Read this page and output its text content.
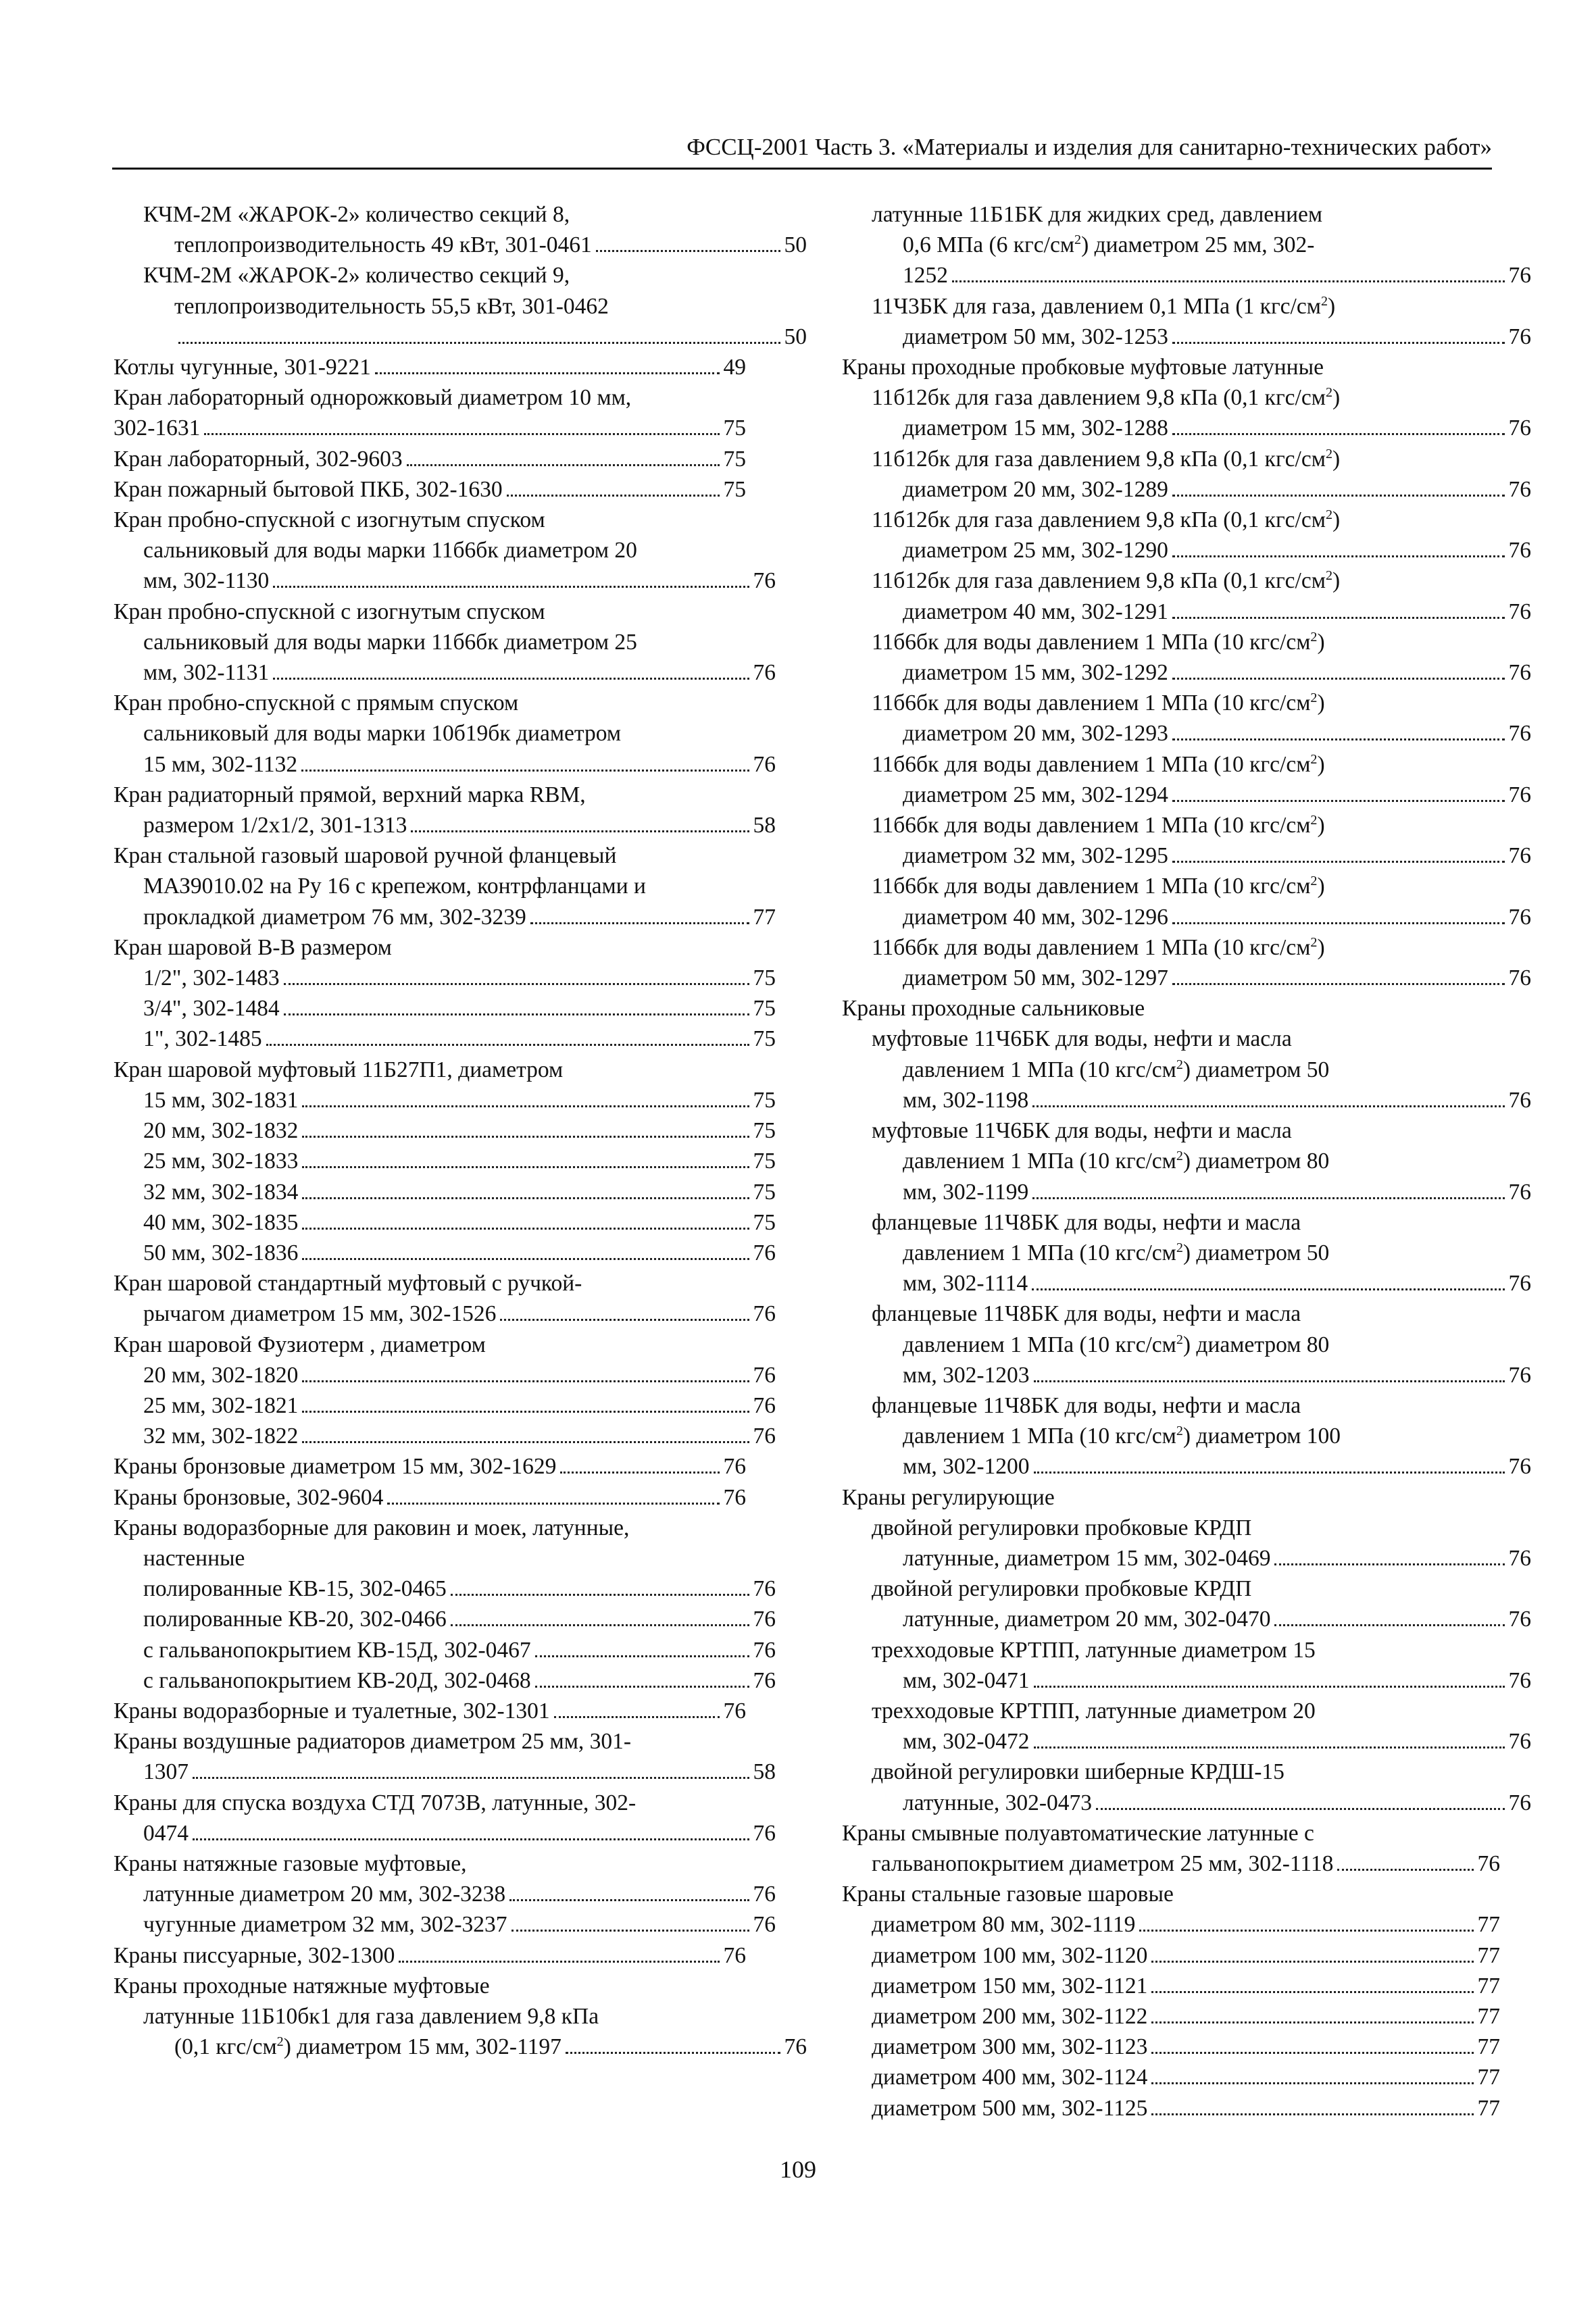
ФССЦ-2001 Часть 3. «Материалы и изделия для санитарно-технических работ»
КЧМ-2М «ЖАРОК-2» количество секций 8,
теплопроизводительность 49 кВт, 301-0461	50
КЧМ-2М «ЖАРОК-2» количество секций 9,
теплопроизводительность 55,5 кВт, 301-0462
50
Котлы чугунные, 301-9221	49
Кран лабораторный однорожковый диаметром 10 мм,
302-1631	75
Кран лабораторный, 302-9603	75
Кран пожарный бытовой ПКБ, 302-1630	75
Кран пробно-спускной с изогнутым спуском
сальниковый для воды марки 11б6бк диаметром 20
мм, 302-1130	76
Кран пробно-спускной с изогнутым спуском
сальниковый для воды марки 11б6бк диаметром 25
мм, 302-1131	76
Кран пробно-спускной с прямым спуском
сальниковый для воды марки 10б19бк диаметром
15 мм, 302-1132	76
Кран радиаторный прямой, верхний марка RBM,
размером 1/2х1/2, 301-1313	58
Кран стальной газовый шаровой ручной фланцевый
МАЗ9010.02 на Ру 16 с крепежом, контрфланцами и
прокладкой диаметром 76 мм, 302-3239	77
Кран шаровой В-В размером
1/2", 302-1483	75
3/4", 302-1484	75
1", 302-1485	75
Кран шаровой муфтовый 11Б27П1, диаметром
15 мм, 302-1831	75
20 мм, 302-1832	75
25 мм, 302-1833	75
32 мм, 302-1834	75
40 мм, 302-1835	75
50 мм, 302-1836	76
Кран шаровой стандартный муфтовый с ручкой-
рычагом диаметром 15 мм, 302-1526	76
Кран шаровой Фузиотерм , диаметром
20 мм, 302-1820	76
25 мм, 302-1821	76
32 мм, 302-1822	76
Краны бронзовые диаметром 15 мм, 302-1629	76
Краны бронзовые, 302-9604	76
Краны водоразборные для раковин и моек, латунные,
настенные
полированные КВ-15, 302-0465	76
полированные КВ-20, 302-0466	76
с гальванопокрытием КВ-15Д, 302-0467	76
с гальванопокрытием КВ-20Д, 302-0468	76
Краны водоразборные и туалетные, 302-1301	76
Краны воздушные радиаторов диаметром 25 мм, 301-
1307	58
Краны для спуска воздуха СТД 7073В, латунные, 302-
0474	76
Краны натяжные газовые муфтовые,
латунные диаметром 20 мм, 302-3238	76
чугунные диаметром 32 мм, 302-3237	76
Краны писсуарные, 302-1300	76
Краны проходные натяжные муфтовые
латунные 11Б10бк1 для газа давлением 9,8 кПа
(0,1 кгс/$см^2$) диаметром 15 мм, 302-1197	76
латунные 11Б1БК для жидких сред, давлением
0,6 МПа (6 кгс/$см^2$) диаметром 25 мм, 302-
1252	76
11Ч3БК для газа, давлением 0,1 МПа (1 кгс/$см^2$)
диаметром 50 мм, 302-1253	76
Краны проходные пробковые муфтовые латунные
11б12бк для газа давлением 9,8 кПа (0,1 кгс/$см^2$)
диаметром 15 мм, 302-1288	76
11б12бк для газа давлением 9,8 кПа (0,1 кгс/$см^2$)
диаметром 20 мм, 302-1289	76
11б12бк для газа давлением 9,8 кПа (0,1 кгс/$см^2$)
диаметром 25 мм, 302-1290	76
11б12бк для газа давлением 9,8 кПа (0,1 кгс/$см^2$)
диаметром 40 мм, 302-1291	76
11б6бк для воды давлением 1 МПа (10 кгс/$см^2$)
диаметром 15 мм, 302-1292	76
11б6бк для воды давлением 1 МПа (10 кгс/$см^2$)
диаметром 20 мм, 302-1293	76
11б6бк для воды давлением 1 МПа (10 кгс/$см^2$)
диаметром 25 мм, 302-1294	76
11б6бк для воды давлением 1 МПа (10 кгс/$см^2$)
диаметром 32 мм, 302-1295	76
11б6бк для воды давлением 1 МПа (10 кгс/$см^2$)
диаметром 40 мм, 302-1296	76
11б6бк для воды давлением 1 МПа (10 кгс/$см^2$)
диаметром 50 мм, 302-1297	76
Краны проходные сальниковые
муфтовые 11Ч6БК для воды, нефти и масла
давлением 1 МПа (10 кгс/$см^2$) диаметром 50
мм, 302-1198	76
муфтовые 11Ч6БК для воды, нефти и масла
давлением 1 МПа (10 кгс/$см^2$) диаметром 80
мм, 302-1199	76
фланцевые 11Ч8БК для воды, нефти и масла
давлением 1 МПа (10 кгс/$см^2$) диаметром 50
мм, 302-1114	76
фланцевые 11Ч8БК для воды, нефти и масла
давлением 1 МПа (10 кгс/$см^2$) диаметром 80
мм, 302-1203	76
фланцевые 11Ч8БК для воды, нефти и масла
давлением 1 МПа (10 кгс/$см^2$) диаметром 100
мм, 302-1200	76
Краны регулирующие
двойной регулировки пробковые КРДП
латунные, диаметром 15 мм, 302-0469	76
двойной регулировки пробковые КРДП
латунные, диаметром 20 мм, 302-0470	76
трехходовые КРТПП, латунные диаметром 15
мм, 302-0471	76
трехходовые КРТПП, латунные диаметром 20
мм, 302-0472	76
двойной регулировки шиберные КРДШ-15
латунные, 302-0473	76
Краны смывные полуавтоматические латунные с
гальванопокрытием диаметром 25 мм, 302-1118	76
Краны стальные газовые шаровые
диаметром 80 мм, 302-1119	77
диаметром 100 мм, 302-1120	77
диаметром 150 мм, 302-1121	77
диаметром 200 мм, 302-1122	77
диаметром 300 мм, 302-1123	77
диаметром 400 мм, 302-1124	77
диаметром 500 мм, 302-1125	77
109
